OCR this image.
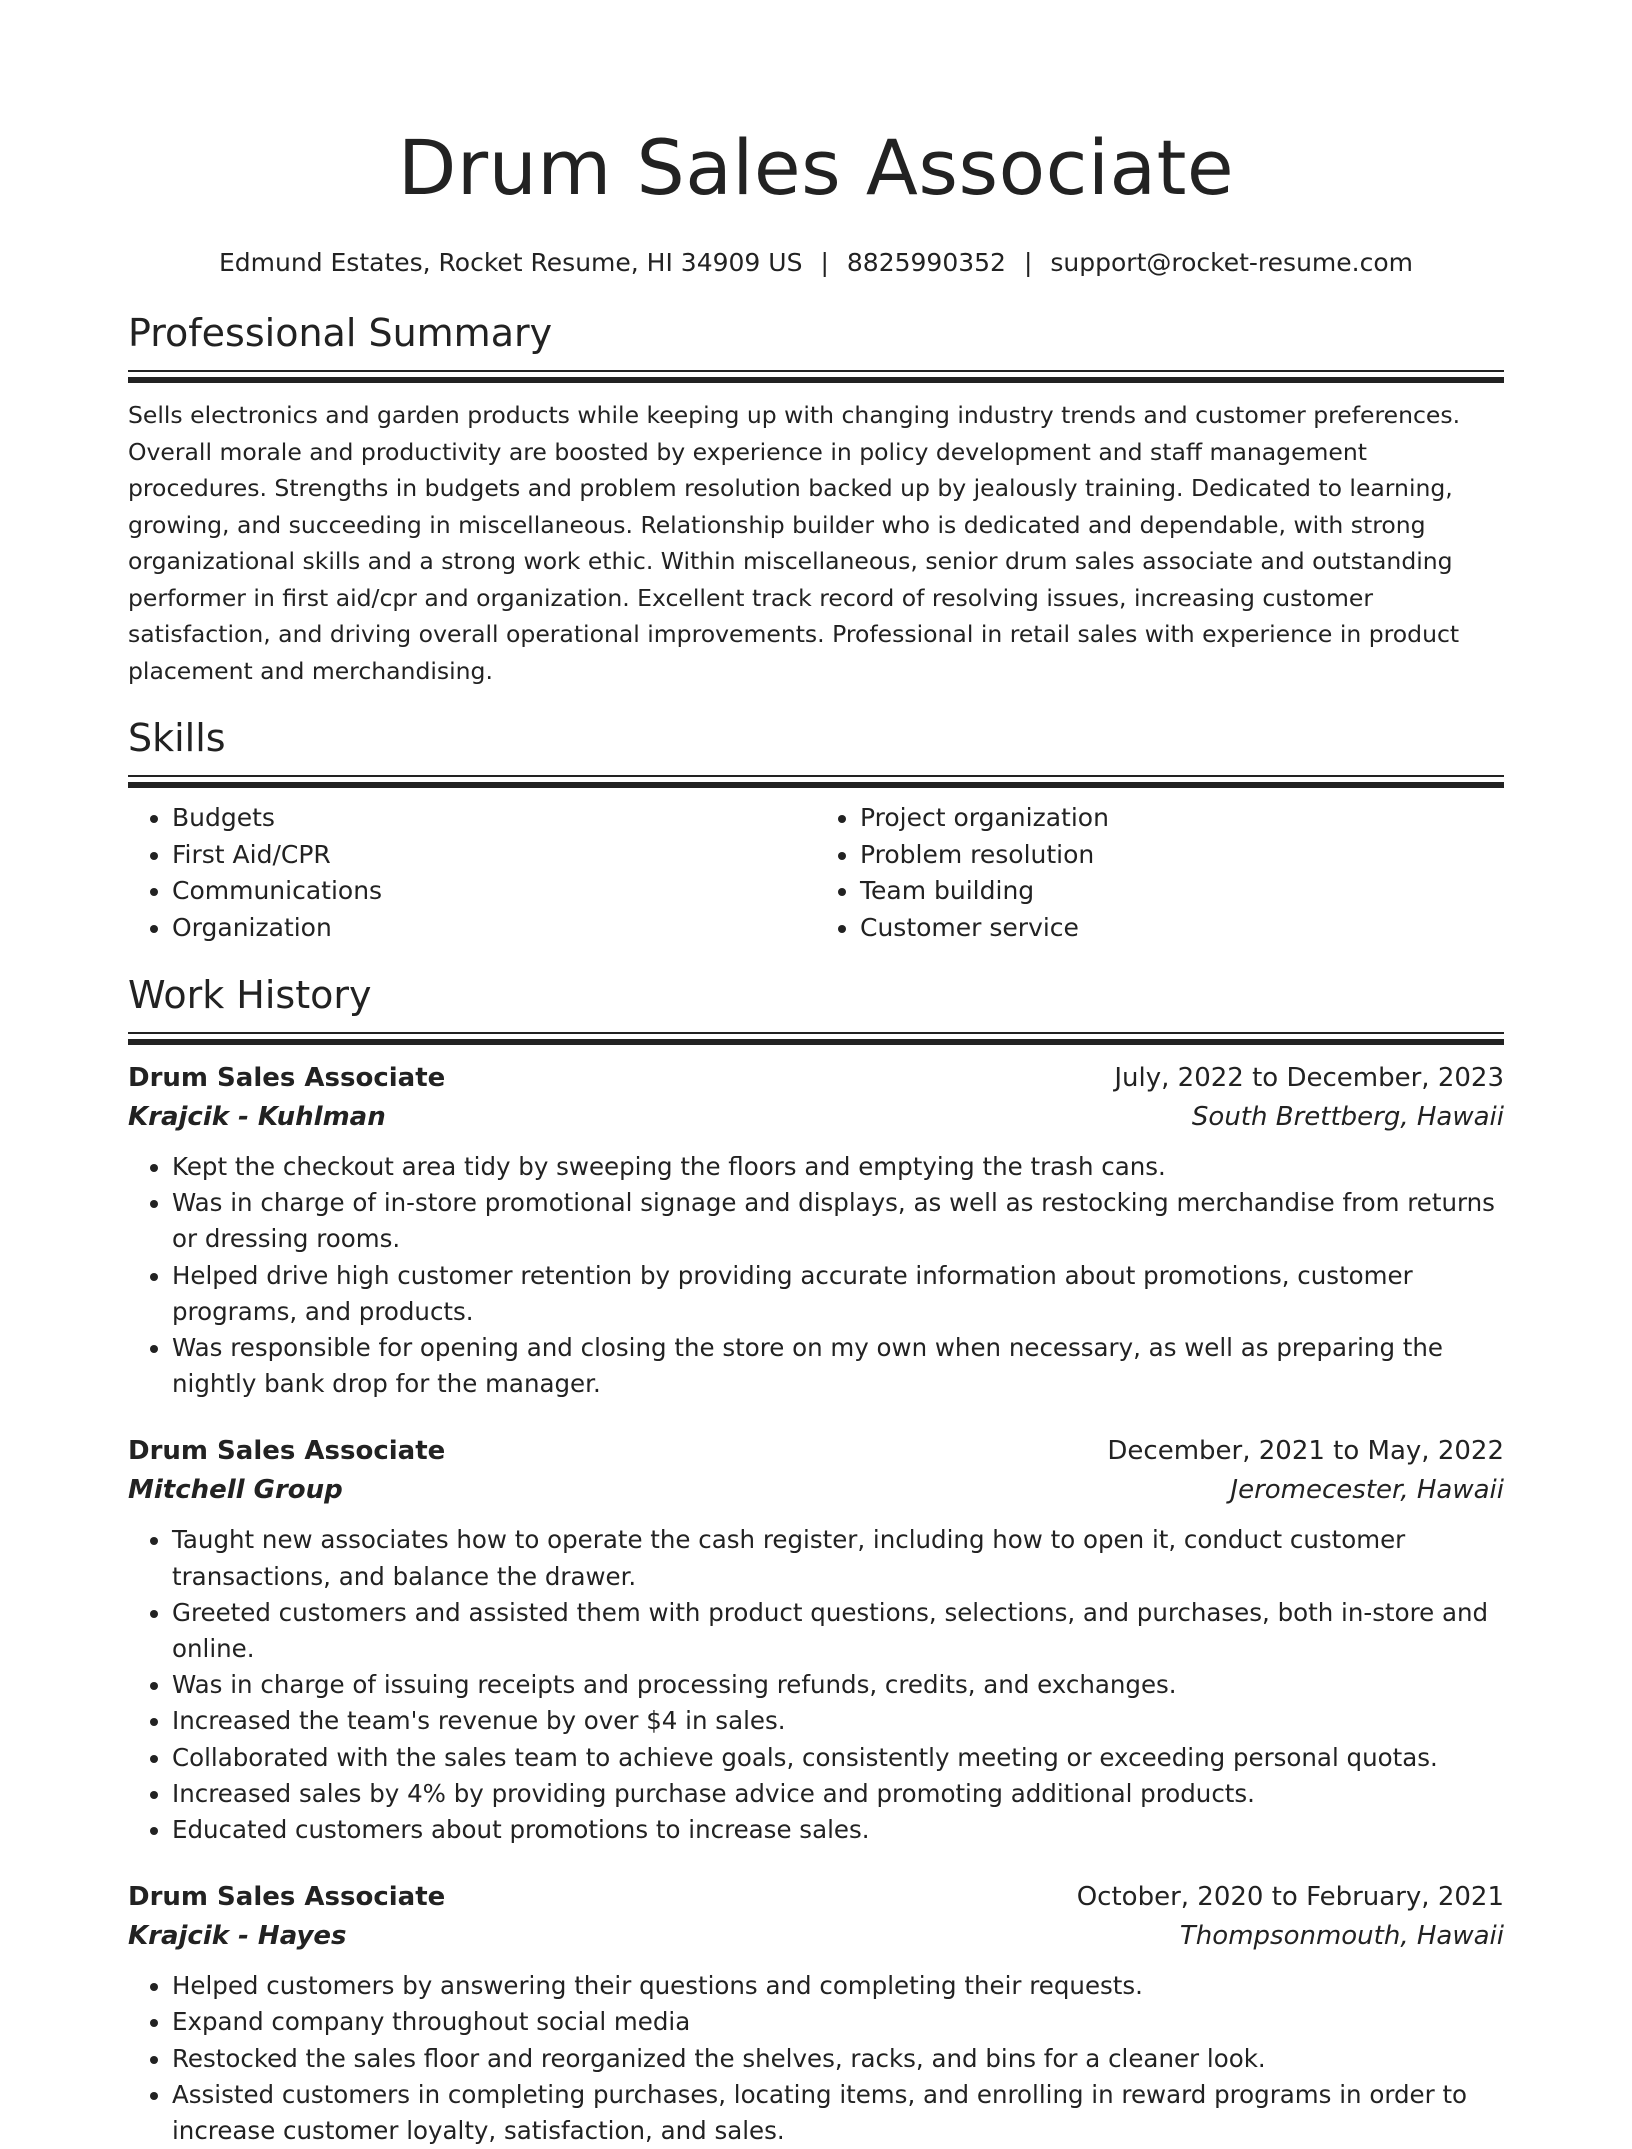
Drum Sales Associate
Edmund Estates, Rocket Resume, HI 34909 US | 8825990352 | support@rocket-resume.com
Professional Summary
Sells electronics and garden products while keeping up with changing industry trends and customer preferences. Overall morale and productivity are boosted by experience in policy development and staff management procedures. Strengths in budgets and problem resolution backed up by jealously training. Dedicated to learning, growing, and succeeding in miscellaneous. Relationship builder who is dedicated and dependable, with strong organizational skills and a strong work ethic. Within miscellaneous, senior drum sales associate and outstanding performer in first aid/cpr and organization. Excellent track record of resolving issues, increasing customer satisfaction, and driving overall operational improvements. Professional in retail sales with experience in product placement and merchandising.
Skills
• Budgets
• First Aid/CPR
• Communications
• Organization
• Project organization
• Problem resolution
• Team building
• Customer service
Work History
Drum Sales Associate	July, 2022 to December, 2023
Krajcik - Kuhlman	South Brettberg, Hawaii
• Kept the checkout area tidy by sweeping the floors and emptying the trash cans.
• Was in charge of in-store promotional signage and displays, as well as restocking merchandise from returns or dressing rooms.
• Helped drive high customer retention by providing accurate information about promotions, customer programs, and products.
• Was responsible for opening and closing the store on my own when necessary, as well as preparing the nightly bank drop for the manager.
Drum Sales Associate	December, 2021 to May, 2022
Mitchell Group	Jeromecester, Hawaii
• Taught new associates how to operate the cash register, including how to open it, conduct customer transactions, and balance the drawer.
• Greeted customers and assisted them with product questions, selections, and purchases, both in-store and online.
• Was in charge of issuing receipts and processing refunds, credits, and exchanges.
• Increased the team's revenue by over $4 in sales.
• Collaborated with the sales team to achieve goals, consistently meeting or exceeding personal quotas.
• Increased sales by 4% by providing purchase advice and promoting additional products.
• Educated customers about promotions to increase sales.
Drum Sales Associate	October, 2020 to February, 2021
Krajcik - Hayes	Thompsonmouth, Hawaii
• Helped customers by answering their questions and completing their requests.
• Expand company throughout social media
• Restocked the sales floor and reorganized the shelves, racks, and bins for a cleaner look.
• Assisted customers in completing purchases, locating items, and enrolling in reward programs in order to increase customer loyalty, satisfaction, and sales.
